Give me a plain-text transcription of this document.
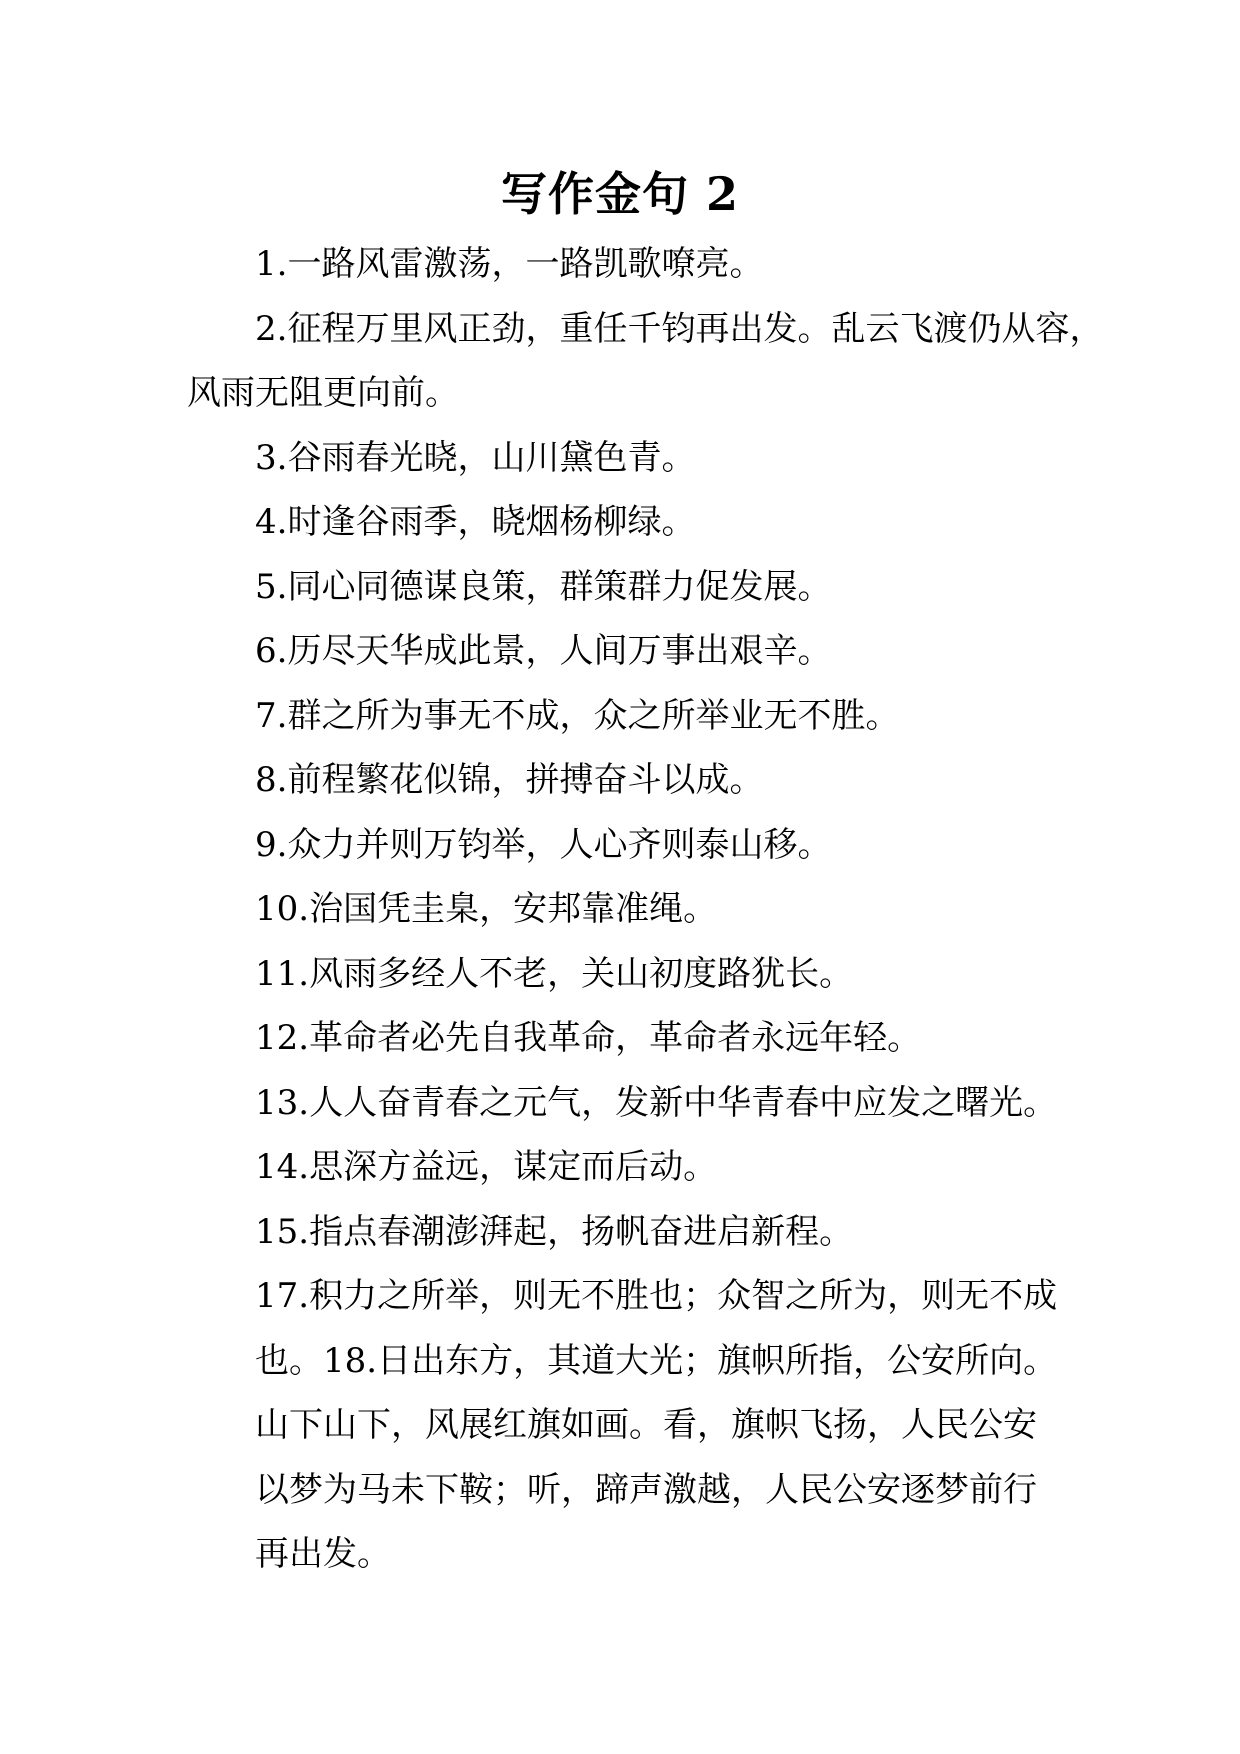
写作金句 2

1.一路风雷激荡，一路凯歌嘹亮。

2.征程万里风正劲，重任千钧再出发。乱云飞渡仍从容，

风雨无阻更向前。

3.谷雨春光晓，山川黛色青。

4.时逢谷雨季，晓烟杨柳绿。

5.同心同德谋良策，群策群力促发展。

6.历尽天华成此景，人间万事出艰辛。

7.群之所为事无不成，众之所举业无不胜。

8.前程繁花似锦，拼搏奋斗以成。

9.众力并则万钧举，人心齐则泰山移。

10.治国凭圭臬，安邦靠准绳。

11.风雨多经人不老，关山初度路犹长。

12.革命者必先自我革命，革命者永远年轻。

13.人人奋青春之元气，发新中华青春中应发之曙光。

14.思深方益远，谋定而后动。

15.指点春潮澎湃起，扬帆奋进启新程。

17.积力之所举，则无不胜也；众智之所为，则无不成

也。18.日出东方，其道大光；旗帜所指，公安所向。

山下山下，风展红旗如画。看，旗帜飞扬，人民公安

以梦为马未下鞍；听，蹄声激越，人民公安逐梦前行

再出发。
